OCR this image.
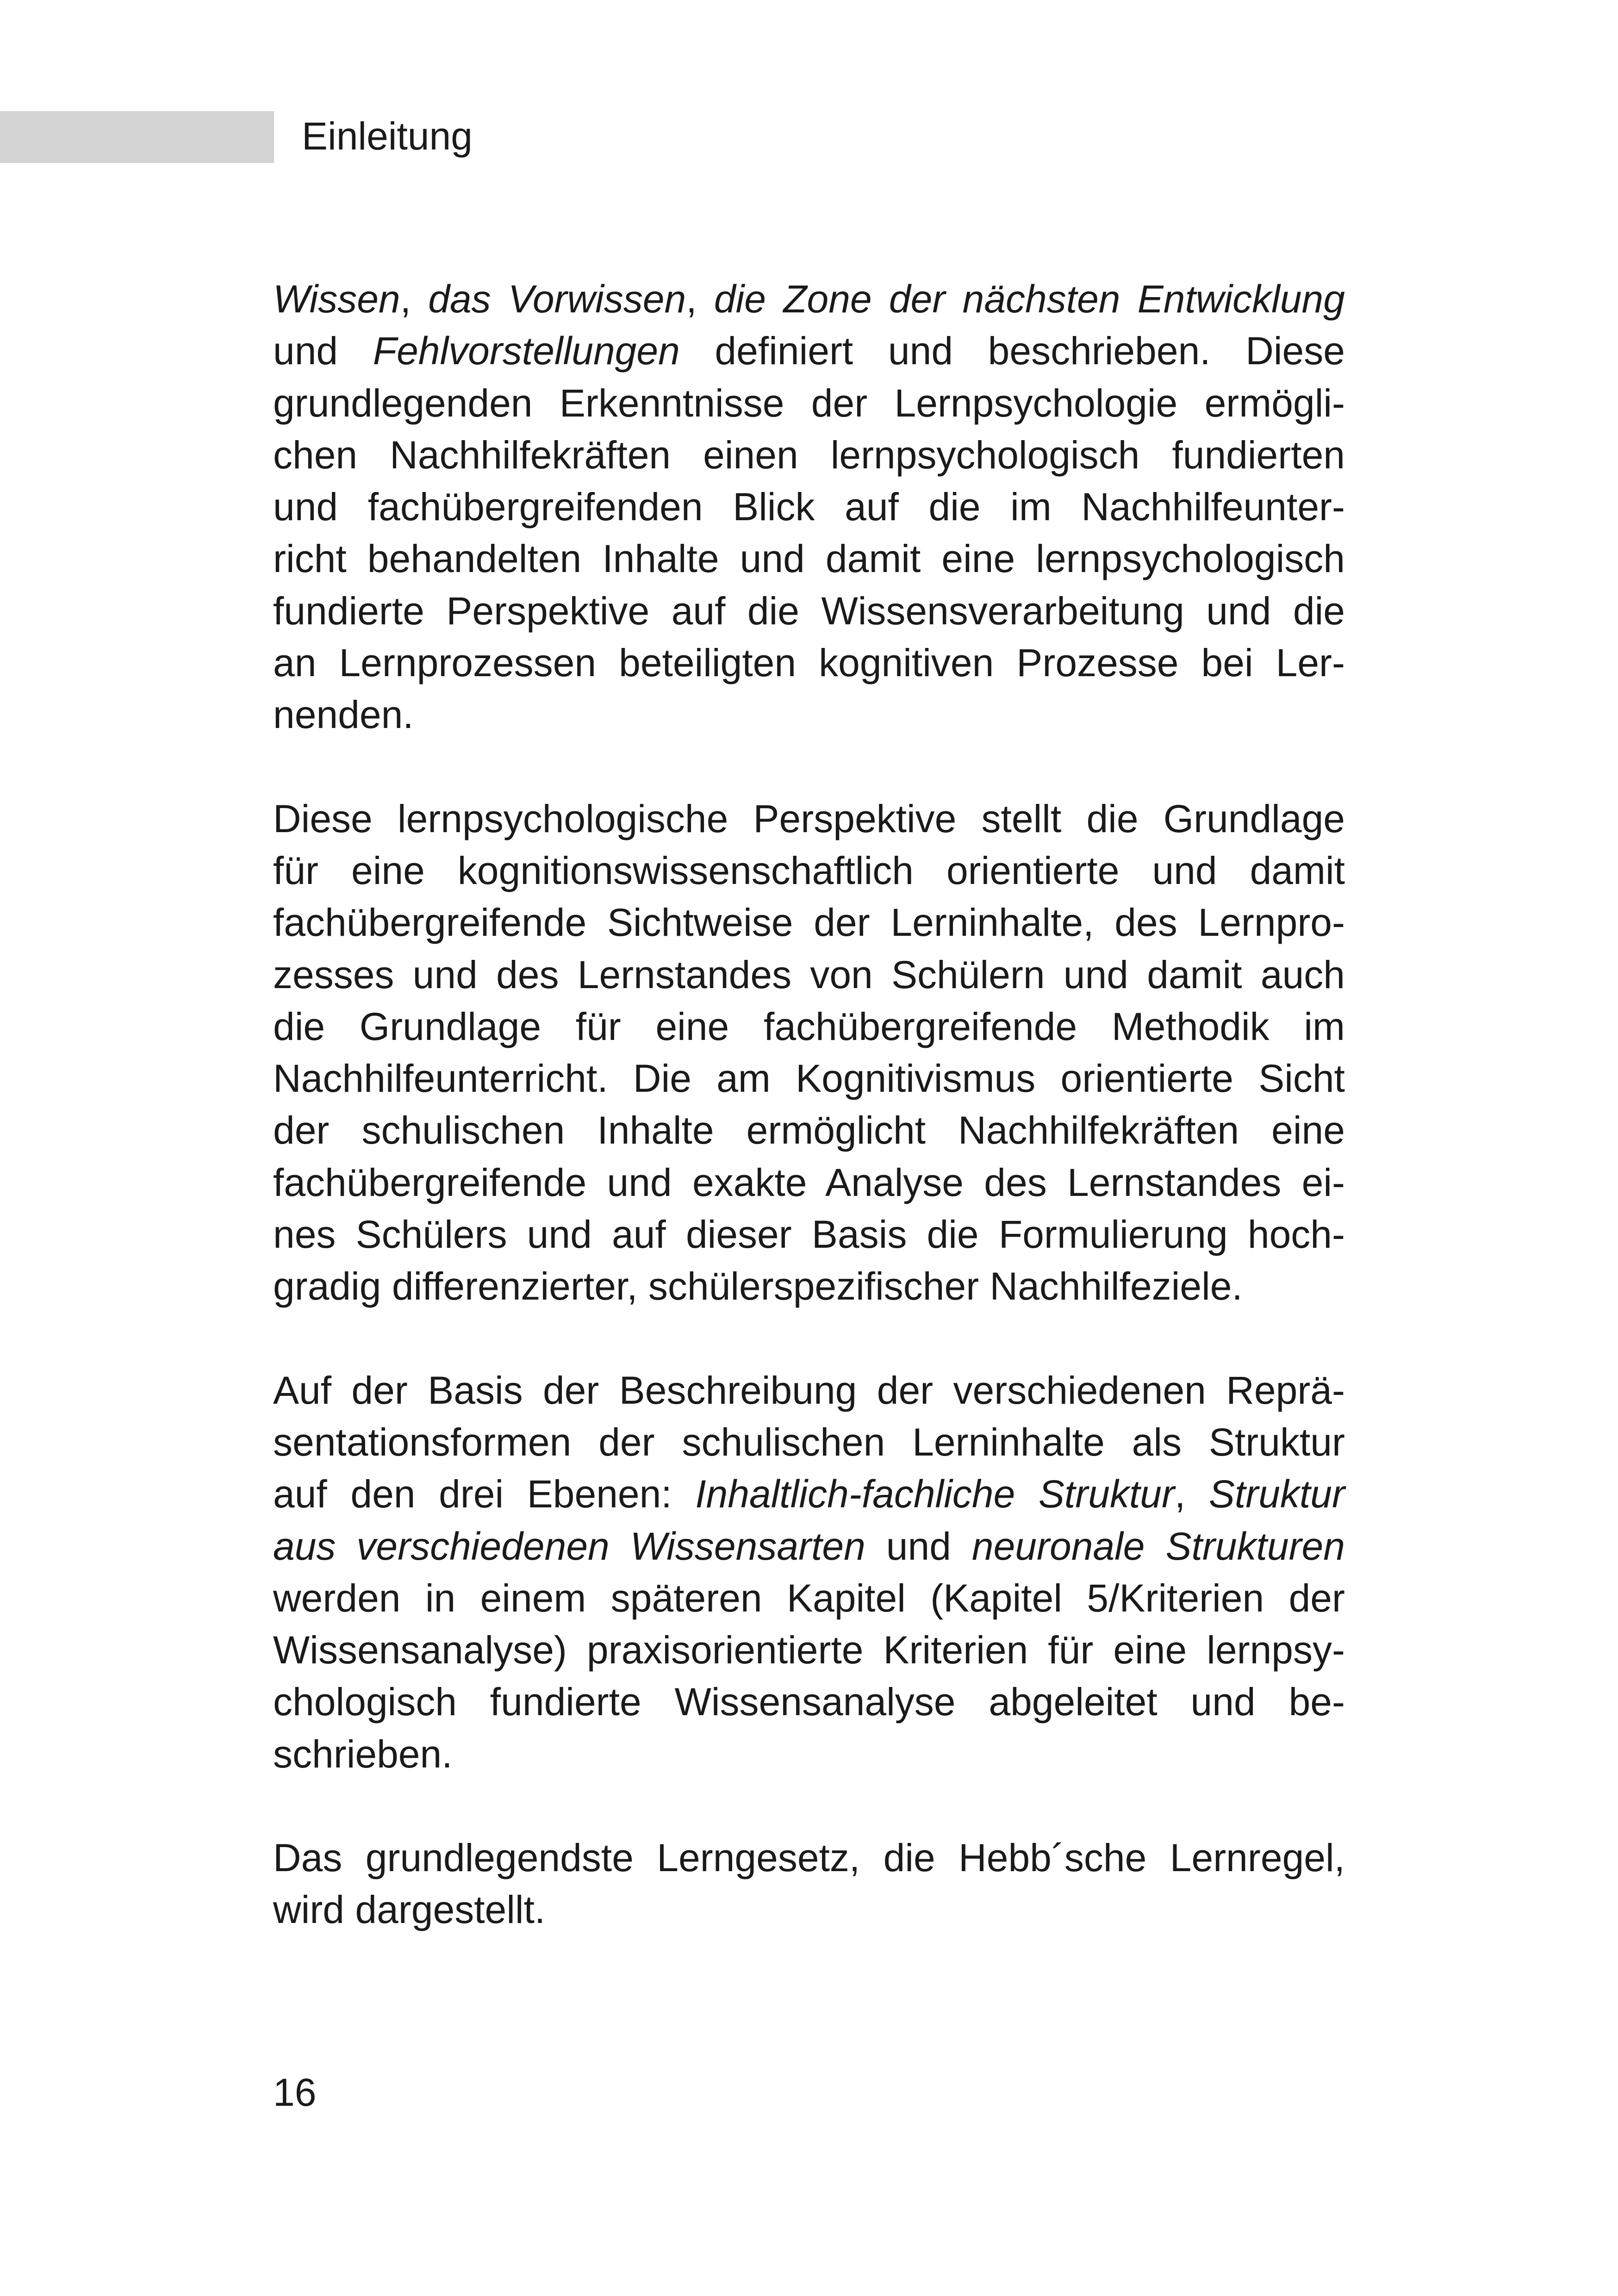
Einleitung
Wissen, das Vorwissen, die Zone der nächsten Entwicklung
und Fehlvorstellungen definiert und beschrieben. Diese
grundlegenden Erkenntnisse der Lernpsychologie ermögli-
chen Nachhilfekräften einen lernpsychologisch fundierten
und fachübergreifenden Blick auf die im Nachhilfeunter-
richt behandelten Inhalte und damit eine lernpsychologisch
fundierte Perspektive auf die Wissensverarbeitung und die
an Lernprozessen beteiligten kognitiven Prozesse bei Ler-
nenden.
Diese lernpsychologische Perspektive stellt die Grundlage
für eine kognitionswissenschaftlich orientierte und damit
fachübergreifende Sichtweise der Lerninhalte, des Lernpro-
zesses und des Lernstandes von Schülern und damit auch
die Grundlage für eine fachübergreifende Methodik im
Nachhilfeunterricht. Die am Kognitivismus orientierte Sicht
der schulischen Inhalte ermöglicht Nachhilfekräften eine
fachübergreifende und exakte Analyse des Lernstandes ei-
nes Schülers und auf dieser Basis die Formulierung hoch-
gradig differenzierter, schülerspezifischer Nachhilfeziele.
Auf der Basis der Beschreibung der verschiedenen Reprä-
sentationsformen der schulischen Lerninhalte als Struktur
auf den drei Ebenen: Inhaltlich-fachliche Struktur, Struktur
aus verschiedenen Wissensarten und neuronale Strukturen
werden in einem späteren Kapitel (Kapitel 5/Kriterien der
Wissensanalyse) praxisorientierte Kriterien für eine lernpsy-
chologisch fundierte Wissensanalyse abgeleitet und be-
schrieben.
Das grundlegendste Lerngesetz, die Hebb´sche Lernregel,
wird dargestellt.
16
